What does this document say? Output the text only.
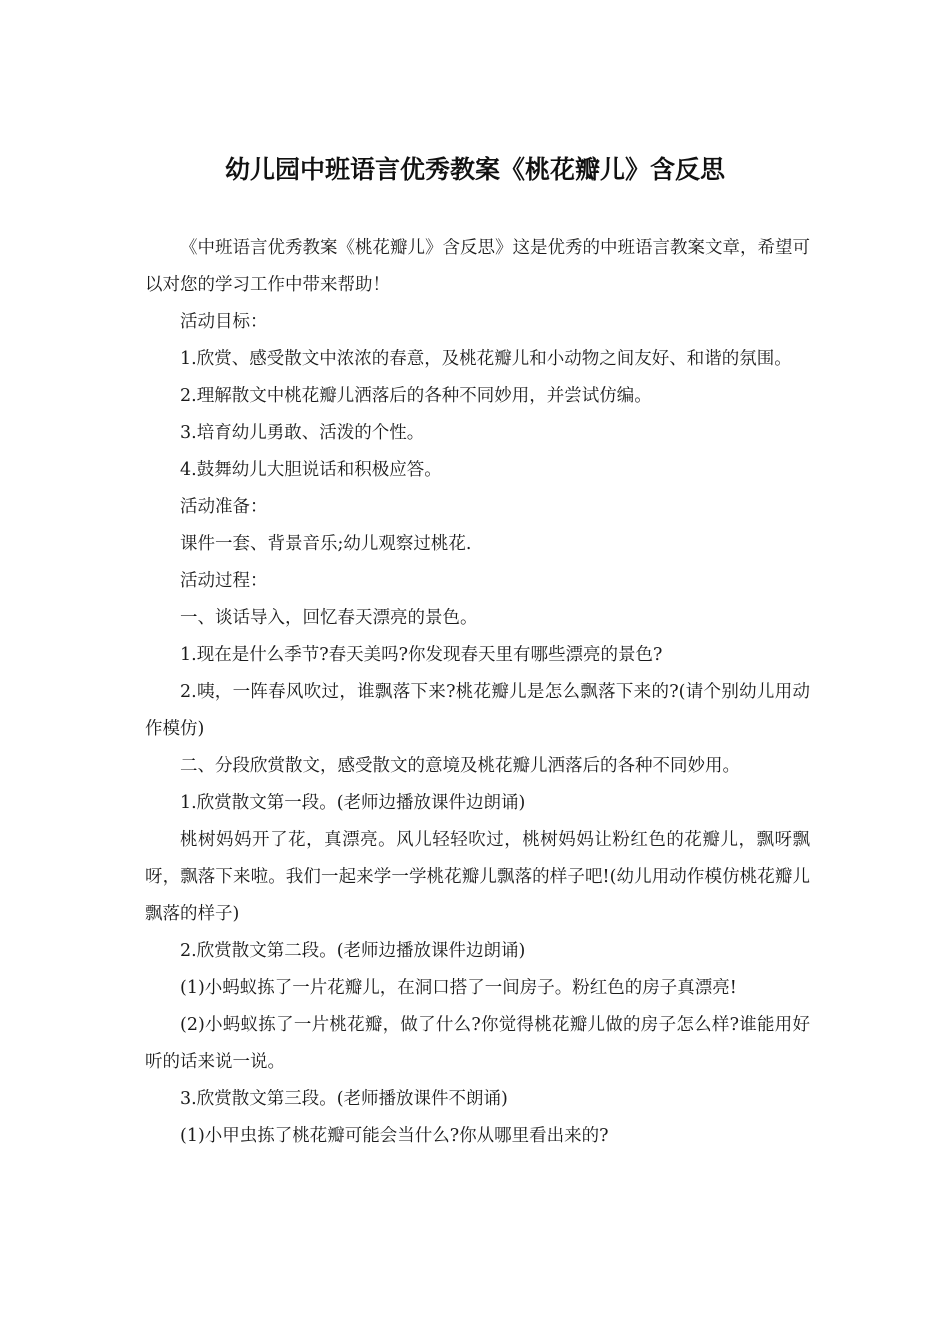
幼儿园中班语言优秀教案《桃花瓣儿》含反思

《中班语言优秀教案《桃花瓣儿》含反思》这是优秀的中班语言教案文章，希望可以对您的学习工作中带来帮助！

活动目标：

1.欣赏、感受散文中浓浓的春意，及桃花瓣儿和小动物之间友好、和谐的氛围。

2.理解散文中桃花瓣儿洒落后的各种不同妙用，并尝试仿编。

3.培育幼儿勇敢、活泼的个性。

4.鼓舞幼儿大胆说话和积极应答。

活动准备：

课件一套、背景音乐;幼儿观察过桃花.

活动过程：

一、谈话导入，回忆春天漂亮的景色。

1.现在是什么季节?春天美吗?你发现春天里有哪些漂亮的景色?

2.咦，一阵春风吹过，谁飘落下来?桃花瓣儿是怎么飘落下来的?(请个别幼儿用动作模仿)

二、分段欣赏散文，感受散文的意境及桃花瓣儿洒落后的各种不同妙用。

1.欣赏散文第一段。(老师边播放课件边朗诵)

桃树妈妈开了花，真漂亮。风儿轻轻吹过，桃树妈妈让粉红色的花瓣儿，飘呀飘呀，飘落下来啦。我们一起来学一学桃花瓣儿飘落的样子吧!(幼儿用动作模仿桃花瓣儿飘落的样子)

2.欣赏散文第二段。(老师边播放课件边朗诵)

(1)小蚂蚁拣了一片花瓣儿，在洞口搭了一间房子。粉红色的房子真漂亮!

(2)小蚂蚁拣了一片桃花瓣，做了什么?你觉得桃花瓣儿做的房子怎么样?谁能用好听的话来说一说。

3.欣赏散文第三段。(老师播放课件不朗诵)

(1)小甲虫拣了桃花瓣可能会当什么?你从哪里看出来的?
